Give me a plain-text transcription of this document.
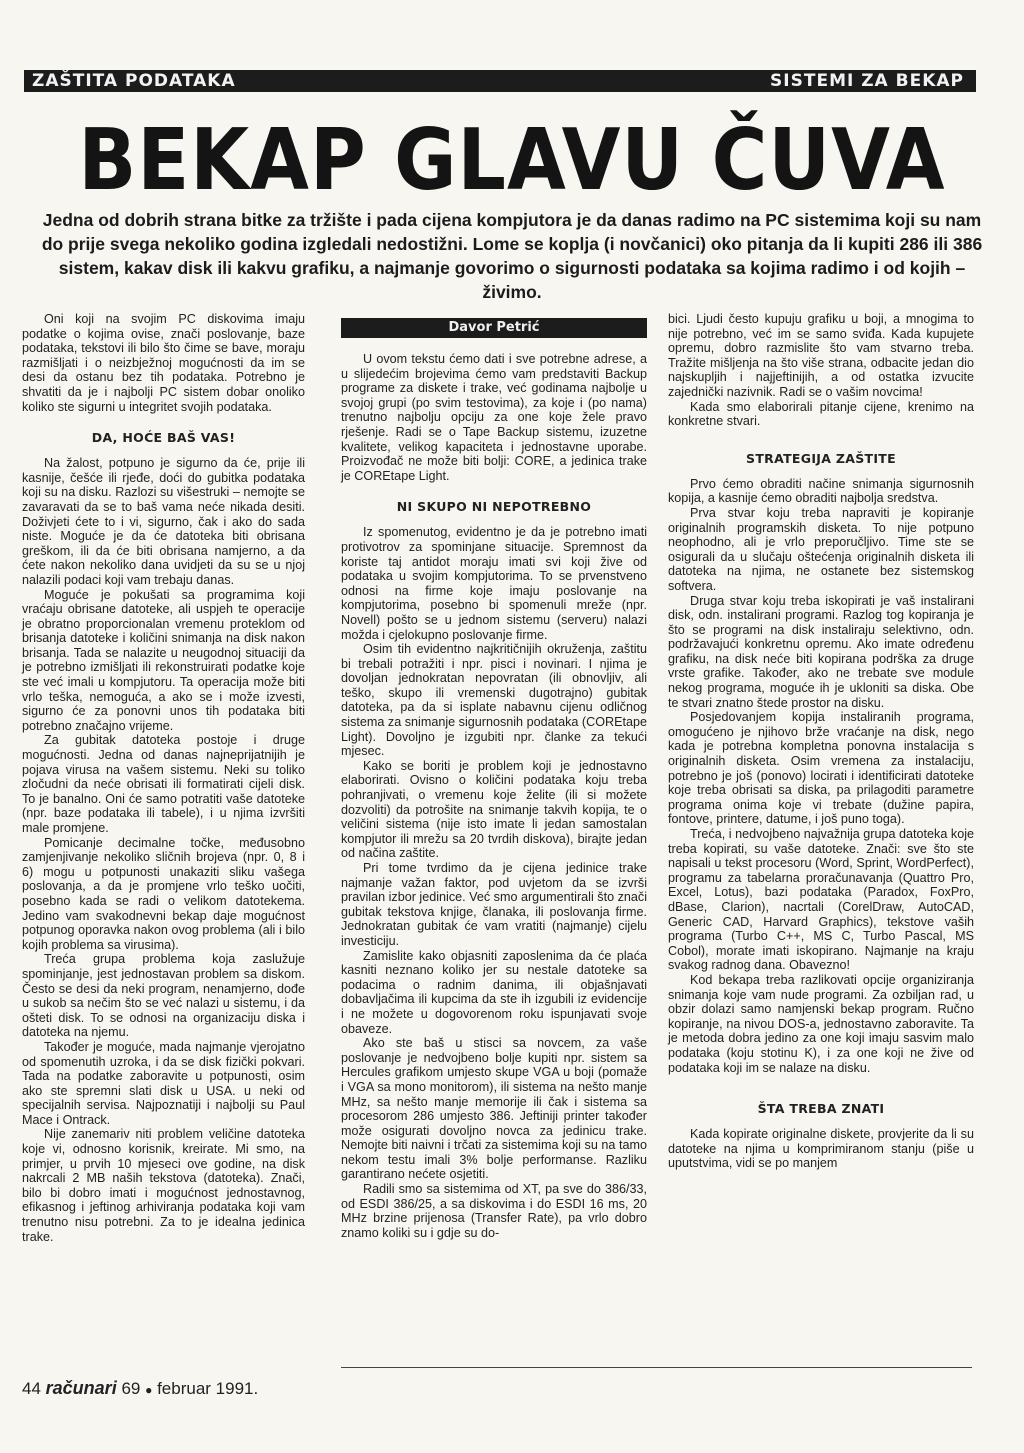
ZAŠTITA PODATAKA	SISTEMI ZA BEKAP
BEKAP GLAVU ČUVA
Jedna od dobrih strana bitke za tržište i pada cijena kompjutora je da danas radimo na PC sistemima koji su nam do prije svega nekoliko godina izgledali nedostižni. Lome se koplja (i novčanici) oko pitanja da li kupiti 286 ili 386 sistem, kakav disk ili kakvu grafiku, a najmanje govorimo o sigurnosti podataka sa kojima radimo i od kojih – živimo.

Oni koji na svojim PC diskovima imaju podatke o kojima ovise, znači poslovanje, baze podataka, tekstovi ili bilo što čime se bave, moraju razmišljati i o neizbježnoj mogućnosti da im se desi da ostanu bez tih podataka. Potrebno je shvatiti da je i najbolji PC sistem dobar onoliko koliko ste sigurni u integritet svojih podataka.

DA, HOĆE BAŠ VAS!

Na žalost, potpuno je sigurno da će, prije ili kasnije, češće ili rjeđe, doći do gubitka podataka koji su na disku. Razlozi su višestruki – nemojte se zavaravati da se to baš vama neće nikada desiti. Doživjeti ćete to i vi, sigurno, čak i ako do sada niste. Moguće je da će datoteka biti obrisana greškom, ili da će biti obrisana namjerno, a da ćete nakon nekoliko dana uvidjeti da su se u njoj nalazili podaci koji vam trebaju danas.

Moguće je pokušati sa programima koji vraćaju obrisane datoteke, ali uspjeh te operacije je obratno proporcionalan vremenu proteklom od brisanja datoteke i količini snimanja na disk nakon brisanja. Tada se nalazite u neugodnoj situaciji da je potrebno izmišljati ili rekonstruirati podatke koje ste već imali u kompjutoru. Ta operacija može biti vrlo teška, nemoguća, a ako se i može izvesti, sigurno će za ponovni unos tih podataka biti potrebno značajno vrijeme.

Za gubitak datoteka postoje i druge mogućnosti. Jedna od danas najneprijatnijih je pojava virusa na vašem sistemu. Neki su toliko zločudni da neće obrisati ili formatirati cijeli disk. To je banalno. Oni će samo potratiti vaše datoteke (npr. baze podataka ili tabele), i u njima izvršiti male promjene.

Pomicanje decimalne točke, međusobno zamjenjivanje nekoliko sličnih brojeva (npr. 0, 8 i 6) mogu u potpunosti unakaziti sliku vašega poslovanja, a da je promjene vrlo teško uočiti, posebno kada se radi o velikom datotekema. Jedino vam svakodnevni bekap daje mogućnost potpunog oporavka nakon ovog problema (ali i bilo kojih problema sa virusima).

Treća grupa problema koja zaslužuje spominjanje, jest jednostavan problem sa diskom. Često se desi da neki program, nenamjerno, dođe u sukob sa nečim što se već nalazi u sistemu, i da ošteti disk. To se odnosi na organizaciju diska i datoteka na njemu.

Također je moguće, mada najmanje vjerojatno od spomenutih uzroka, i da se disk fizički pokvari. Tada na podatke zaboravite u potpunosti, osim ako ste spremni slati disk u USA. u neki od specijalnih servisa. Najpoznatiji i najbolji su Paul Mace i Ontrack.

Nije zanemariv niti problem veličine datoteka koje vi, odnosno korisnik, kreirate. Mi smo, na primjer, u prvih 10 mjeseci ove godine, na disk nakrcali 2 MB naših tekstova (datoteka). Znači, bilo bi dobro imati i mogućnost jednostavnog, efikasnog i jeftinog arhiviranja podataka koji vam trenutno nisu potrebni. Za to je idealna jedinica trake.

Davor Petrić

U ovom tekstu ćemo dati i sve potrebne adrese, a u slijedećim brojevima ćemo vam predstaviti Backup programe za diskete i trake, već godinama najbolje u svojoj grupi (po svim testovima), za koje i (po nama) trenutno najbolju opciju za one koje žele pravo rješenje. Radi se o Tape Backup sistemu, izuzetne kvalitete, velikog kapaciteta i jednostavne uporabe. Proizvođač ne može biti bolji: CORE, a jedinica trake je COREtape Light.

NI SKUPO NI NEPOTREBNO

Iz spomenutog, evidentno je da je potrebno imati protivotrov za spominjane situacije. Spremnost da koriste taj antidot moraju imati svi koji žive od podataka u svojim kompjutorima. To se prvenstveno odnosi na firme koje imaju poslovanje na kompjutorima, posebno bi spomenuli mreže (npr. Novell) pošto se u jednom sistemu (serveru) nalazi možda i cjelokupno poslovanje firme.

Osim tih evidentno najkritičnijih okruženja, zaštitu bi trebali potražiti i npr. pisci i novinari. I njima je dovoljan jednokratan nepovratan (ili obnovljiv, ali teško, skupo ili vremenski dugotrajno) gubitak datoteka, pa da si isplate nabavnu cijenu odličnog sistema za snimanje sigurnosnih podataka (COREtape Light). Dovoljno je izgubiti npr. članke za tekući mjesec.

Kako se boriti je problem koji je jednostavno elaborirati. Ovisno o količini podataka koju treba pohranjivati, o vremenu koje želite (ili si možete dozvoliti) da potrošite na snimanje takvih kopija, te o veličini sistema (nije isto imate li jedan samostalan kompjutor ili mrežu sa 20 tvrdih diskova), birajte jedan od načina zaštite.

Pri tome tvrdimo da je cijena jedinice trake najmanje važan faktor, pod uvjetom da se izvrši pravilan izbor jedinice. Već smo argumentirali što znači gubitak tekstova knjige, članaka, ili poslovanja firme. Jednokratan gubitak će vam vratiti (najmanje) cijelu investiciju.

Zamislite kako objasniti zaposlenima da će plaća kasniti neznano koliko jer su nestale datoteke sa podacima o radnim danima, ili objašnjavati dobavljačima ili kupcima da ste ih izgubili iz evidencije i ne možete u dogovorenom roku ispunjavati svoje obaveze.

Ako ste baš u stisci sa novcem, za vaše poslovanje je nedvojbeno bolje kupiti npr. sistem sa Hercules grafikom umjesto skupe VGA u boji (pomaže i VGA sa mono monitorom), ili sistema na nešto manje MHz, sa nešto manje memorije ili čak i sistema sa procesorom 286 umjesto 386. Jeftiniji printer također može osigurati dovoljno novca za jedinicu trake. Nemojte biti naivni i trčati za sistemima koji su na tamo nekom testu imali 3% bolje performanse. Razliku garantirano nećete osjetiti.

Radili smo sa sistemima od XT, pa sve do 386/33, od ESDI 386/25, a sa diskovima i do ESDI 16 ms, 20 MHz brzine prijenosa (Transfer Rate), pa vrlo dobro znamo koliki su i gdje su do-

bici. Ljudi često kupuju grafiku u boji, a mnogima to nije potrebno, već im se samo sviđa. Kada kupujete opremu, dobro razmislite što vam stvarno treba. Tražite mišljenja na što više strana, odbacite jedan dio najskupljih i najjeftinijih, a od ostatka izvucite zajednički nazivnik. Radi se o vašim novcima!

Kada smo elaborirali pitanje cijene, krenimo na konkretne stvari.

STRATEGIJA ZAŠTITE

Prvo ćemo obraditi načine snimanja sigurnosnih kopija, a kasnije ćemo obraditi najbolja sredstva.

Prva stvar koju treba napraviti je kopiranje originalnih programskih disketa. To nije potpuno neophodno, ali je vrlo preporučljivo. Time ste se osigurali da u slučaju oštećenja originalnih disketa ili datoteka na njima, ne ostanete bez sistemskog softvera.

Druga stvar koju treba iskopirati je vaš instalirani disk, odn. instalirani programi. Razlog tog kopiranja je što se programi na disk instaliraju selektivno, odn. podržavajući konkretnu opremu. Ako imate određenu grafiku, na disk neće biti kopirana podrška za druge vrste grafike. Također, ako ne trebate sve module nekog programa, moguće ih je ukloniti sa diska. Obe te stvari znatno štede prostor na disku.

Posjedovanjem kopija instaliranih programa, omogućeno je njihovo brže vraćanje na disk, nego kada je potrebna kompletna ponovna instalacija s originalnih disketa. Osim vremena za instalaciju, potrebno je još (ponovo) locirati i identificirati datoteke koje treba obrisati sa diska, pa prilagoditi parametre programa onima koje vi trebate (dužine papira, fontove, printere, datume, i još puno toga).

Treća, i nedvojbeno najvažnija grupa datoteka koje treba kopirati, su vaše datoteke. Znači: sve što ste napisali u tekst procesoru (Word, Sprint, WordPerfect), programu za tabelarna proračunavanja (Quattro Pro, Excel, Lotus), bazi podataka (Paradox, FoxPro, dBase, Clarion), nacrtali (CorelDraw, AutoCAD, Generic CAD, Harvard Graphics), tekstove vaših programa (Turbo C++, MS C, Turbo Pascal, MS Cobol), morate imati iskopirano. Najmanje na kraju svakog radnog dana. Obavezno!

Kod bekapa treba razlikovati opcije organiziranja snimanja koje vam nude programi. Za ozbiljan rad, u obzir dolazi samo namjenski bekap program. Ručno kopiranje, na nivou DOS-a, jednostavno zaboravite. Ta je metoda dobra jedino za one koji imaju sasvim malo podataka (koju stotinu K), i za one koji ne žive od podataka koji im se nalaze na disku.

ŠTA TREBA ZNATI

Kada kopirate originalne diskete, provjerite da li su datoteke na njima u komprimiranom stanju (piše u uputstvima, vidi se po manjem

44 računari 69 ● februar 1991.
